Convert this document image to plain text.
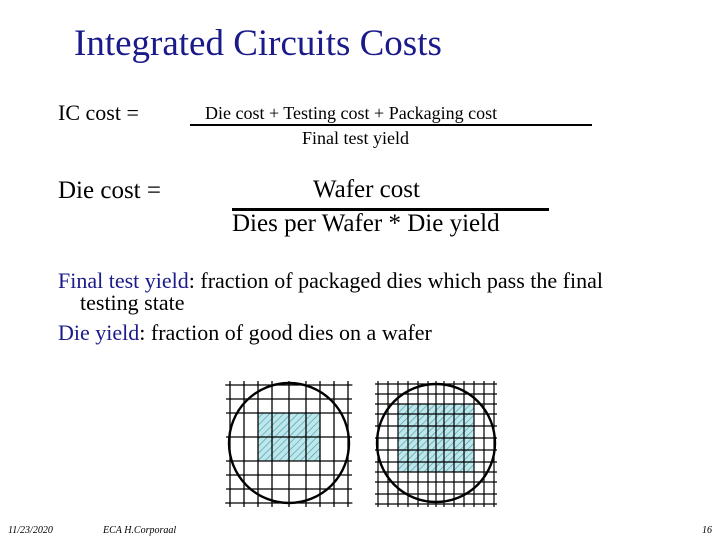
Integrated Circuits Costs
IC cost =	Die cost + Testing cost + Packaging cost
Final test yield
Die cost =	Wafer cost
Dies per Wafer * Die yield
Final test yield: fraction of packaged dies which pass the final
testing state
Die yield: fraction of good dies on a wafer
11/23/2020	ECA H.Corporaal	16
